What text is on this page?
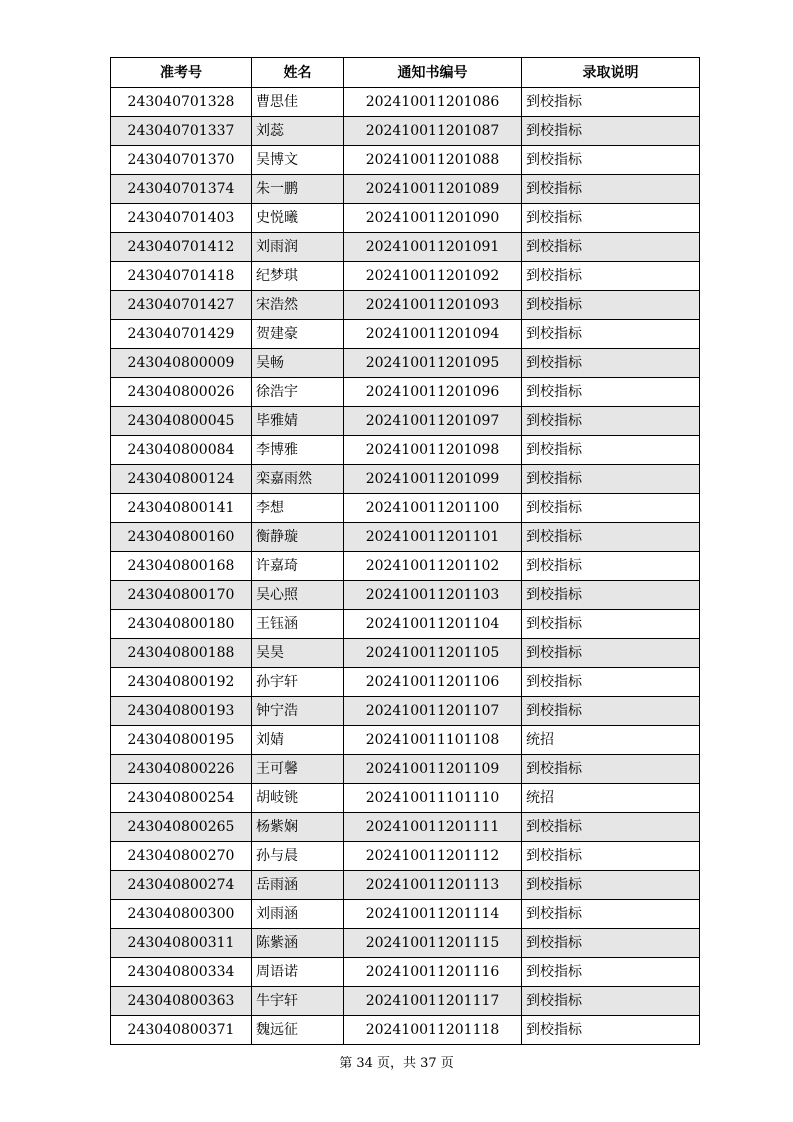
准考号	姓名	通知书编号	录取说明
243040701328	曹思佳	202410011201086	到校指标
243040701337	刘蕊	202410011201087	到校指标
243040701370	吴博文	202410011201088	到校指标
243040701374	朱一鹏	202410011201089	到校指标
243040701403	史悦曦	202410011201090	到校指标
243040701412	刘雨润	202410011201091	到校指标
243040701418	纪梦琪	202410011201092	到校指标
243040701427	宋浩然	202410011201093	到校指标
243040701429	贺建豪	202410011201094	到校指标
243040800009	吴畅	202410011201095	到校指标
243040800026	徐浩宇	202410011201096	到校指标
243040800045	毕雅婧	202410011201097	到校指标
243040800084	李博雅	202410011201098	到校指标
243040800124	栾嘉雨然	202410011201099	到校指标
243040800141	李想	202410011201100	到校指标
243040800160	衡静璇	202410011201101	到校指标
243040800168	许嘉琦	202410011201102	到校指标
243040800170	吴心照	202410011201103	到校指标
243040800180	王钰涵	202410011201104	到校指标
243040800188	吴昊	202410011201105	到校指标
243040800192	孙宇轩	202410011201106	到校指标
243040800193	钟宁浩	202410011201107	到校指标
243040800195	刘婧	202410011101108	统招
243040800226	王可馨	202410011201109	到校指标
243040800254	胡岐铫	202410011101110	统招
243040800265	杨紫娴	202410011201111	到校指标
243040800270	孙与晨	202410011201112	到校指标
243040800274	岳雨涵	202410011201113	到校指标
243040800300	刘雨涵	202410011201114	到校指标
243040800311	陈紫涵	202410011201115	到校指标
243040800334	周语诺	202410011201116	到校指标
243040800363	牛宇轩	202410011201117	到校指标
243040800371	魏远征	202410011201118	到校指标
第 34 页，共 37 页
